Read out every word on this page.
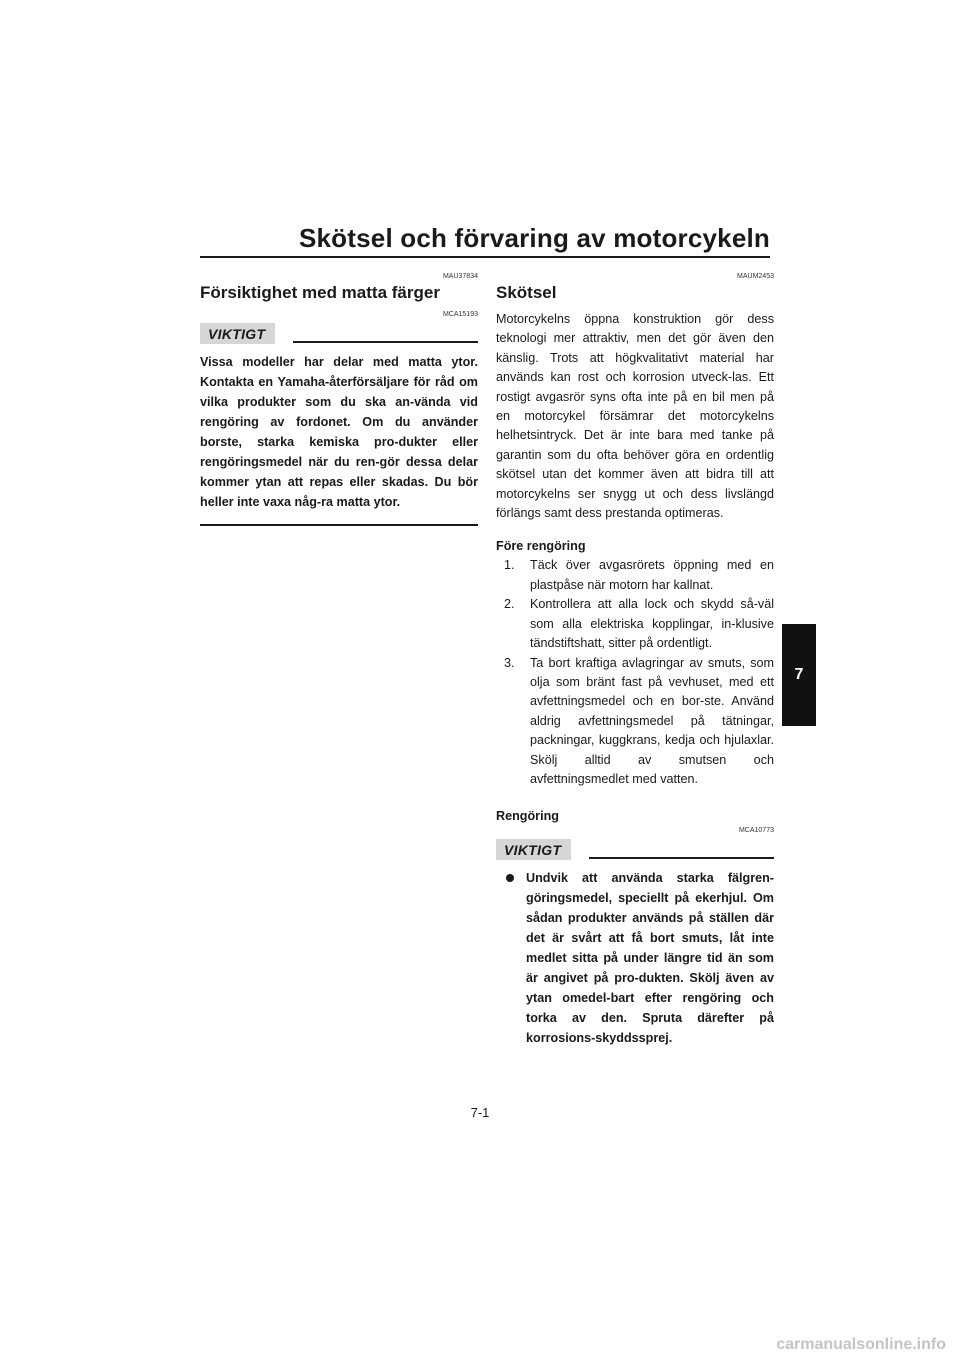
Skötsel och förvaring av motorcykeln

MAU37834

Försiktighet med matta färger

MCA15193

VIKTIGT

Vissa modeller har delar med matta ytor. Kontakta en Yamaha-återförsäljare för råd om vilka produkter som du ska an-vända vid rengöring av fordonet. Om du använder borste, starka kemiska pro-dukter eller rengöringsmedel när du ren-gör dessa delar kommer ytan att repas eller skadas. Du bör heller inte vaxa någ-ra matta ytor.

MAUM2453

Skötsel

Motorcykelns öppna konstruktion gör dess teknologi mer attraktiv, men det gör även den känslig. Trots att högkvalitativt material har används kan rost och korrosion utveck-las. Ett rostigt avgasrör syns ofta inte på en bil men på en motorcykel försämrar det motorcykelns helhetsintryck. Det är inte bara med tanke på garantin som du ofta behöver göra en ordentlig skötsel utan det kommer även att bidra till att motorcykelns ser snygg ut och dess livslängd förlängs samt dess prestanda optimeras.

Före rengöring
1. Täck över avgasrörets öppning med en plastpåse när motorn har kallnat.
2. Kontrollera att alla lock och skydd så-väl som alla elektriska kopplingar, in-klusive tändstiftshatt, sitter på ordentligt.
3. Ta bort kraftiga avlagringar av smuts, som olja som bränt fast på vevhuset, med ett avfettningsmedel och en bor-ste. Använd aldrig avfettningsmedel på tätningar, packningar, kuggkrans, kedja och hjulaxlar. Skölj alltid av smutsen och avfettningsmedlet med vatten.
Rengöring

MCA10773

VIKTIGT
Undvik att använda starka fälgren-göringsmedel, speciellt på ekerhjul. Om sådan produkter används på ställen där det är svårt att få bort smuts, låt inte medlet sitta på under längre tid än som är angivet på pro-dukten. Skölj även av ytan omedel-bart efter rengöring och torka av den. Spruta därefter på korrosions-skyddssprej.
7
7-1
carmanualsonline.info
